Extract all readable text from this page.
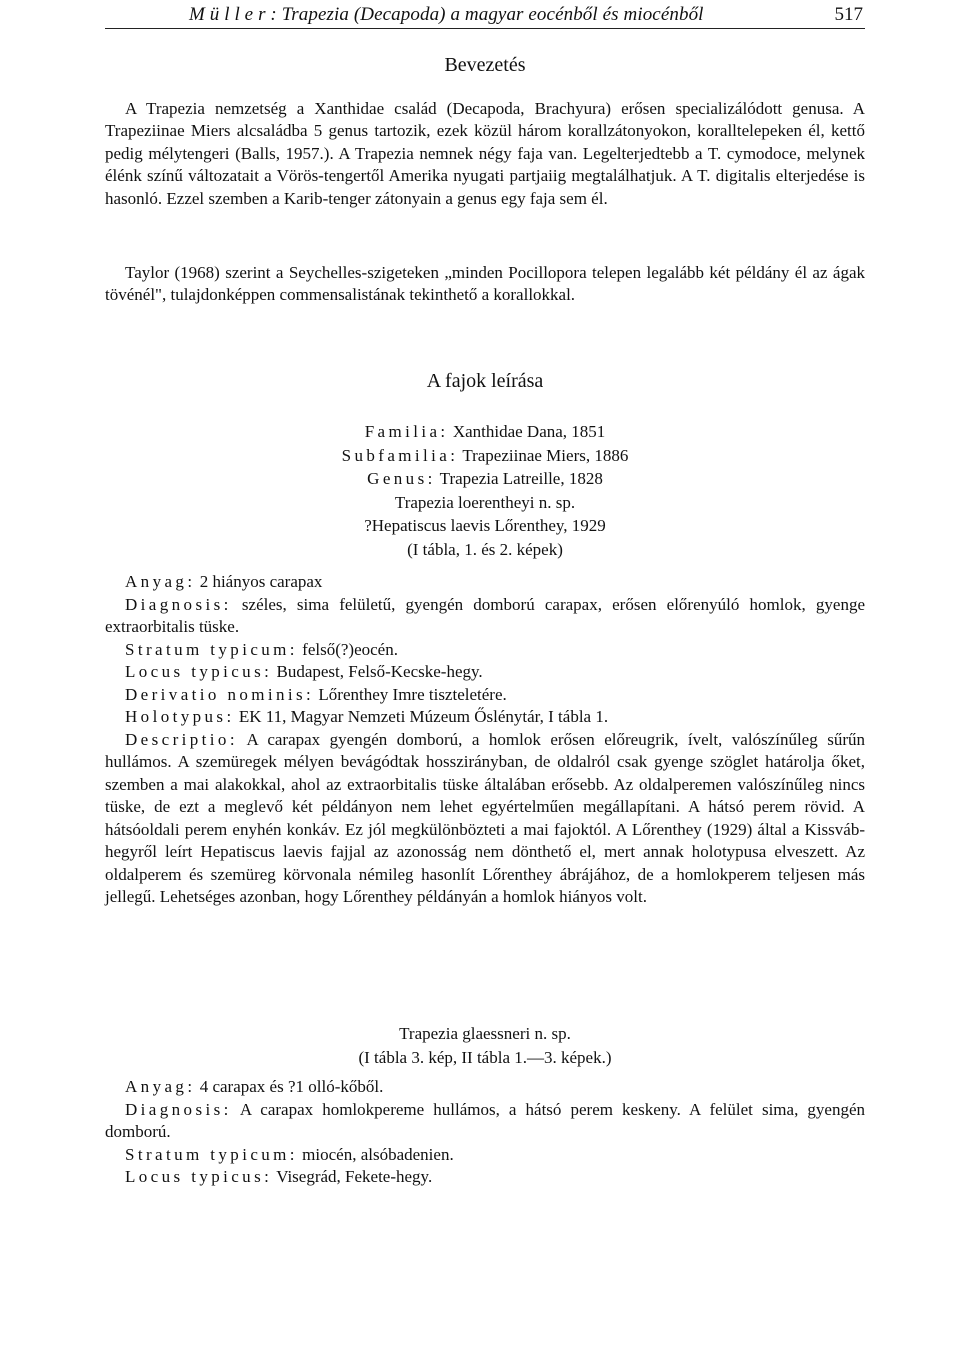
M ü l l e r : Trapezia (Decapoda) a magyar eocénből és miocénből	517
Bevezetés

A Trapezia nemzetség a Xanthidae család (Decapoda, Brachyura) erősen specializálódott genusa. A Trapeziinae Miers alcsaládba 5 genus tartozik, ezek közül három korallzátonyokon, koralltelepeken él, kettő pedig mélytengeri (Balls, 1957.). A Trapezia nemnek négy faja van. Legelterjedtebb a T. cymodoce, melynek élénk színű változatait a Vörös-tengertől Amerika nyugati partjaiig megtalálhatjuk. A T. digitalis elterjedése is hasonló. Ezzel szemben a Karib-tenger zátonyain a genus egy faja sem él.

Taylor (1968) szerint a Seychelles-szigeteken „minden Pocillopora telepen legalább két példány él az ágak tövénél", tulajdonképpen commensalistának tekinthető a korallokkal.

A fajok leírása
Familia: Xanthidae Dana, 1851
Subfamilia: Trapeziinae Miers, 1886
Genus: Trapezia Latreille, 1828
Trapezia loerentheyi n. sp.
?Hepatiscus laevis Lőrenthey, 1929
(I tábla, 1. és 2. képek)
Anyag: 2 hiányos carapax
Diagnosis: széles, sima felületű, gyengén domború carapax, erősen előrenyúló homlok, gyenge extraorbitalis tüske.
Stratum typicum: felső(?)eocén.
Locus typicus: Budapest, Felső-Kecske-hegy.
Derivatio nominis: Lőrenthey Imre tiszteletére.
Holotypus: EK 11, Magyar Nemzeti Múzeum Őslénytár, I tábla 1.
Descriptio: A carapax gyengén domború, a homlok erősen előreugrik, ívelt, valószínűleg sűrűn hullámos. A szemüregek mélyen bevágódtak hosszirányban, de oldalról csak gyenge szöglet határolja őket, szemben a mai alakokkal, ahol az extraorbitalis tüske általában erősebb. Az oldalperemen valószínűleg nincs tüske, de ezt a meglevő két példányon nem lehet egyértelműen megállapítani. A hátsó perem rövid. A hátsóoldali perem enyhén konkáv. Ez jól megkülönbözteti a mai fajoktól. A Lőrenthey (1929) által a Kissváb-hegyről leírt Hepatiscus laevis fajjal az azonosság nem dönthető el, mert annak holotypusa elveszett. Az oldalperem és szemüreg körvonala némileg hasonlít Lőrenthey ábrájához, de a homlokperem teljesen más jellegű. Lehetséges azonban, hogy Lőrenthey példányán a homlok hiányos volt.
Trapezia glaessneri n. sp.
(I tábla 3. kép, II tábla 1.—3. képek.)
Anyag: 4 carapax és ?1 olló-kőből.
Diagnosis: A carapax homlokpereme hullámos, a hátsó perem keskeny. A felület sima, gyengén domború.
Stratum typicum: miocén, alsóbadenien.
Locus typicus: Visegrád, Fekete-hegy.
